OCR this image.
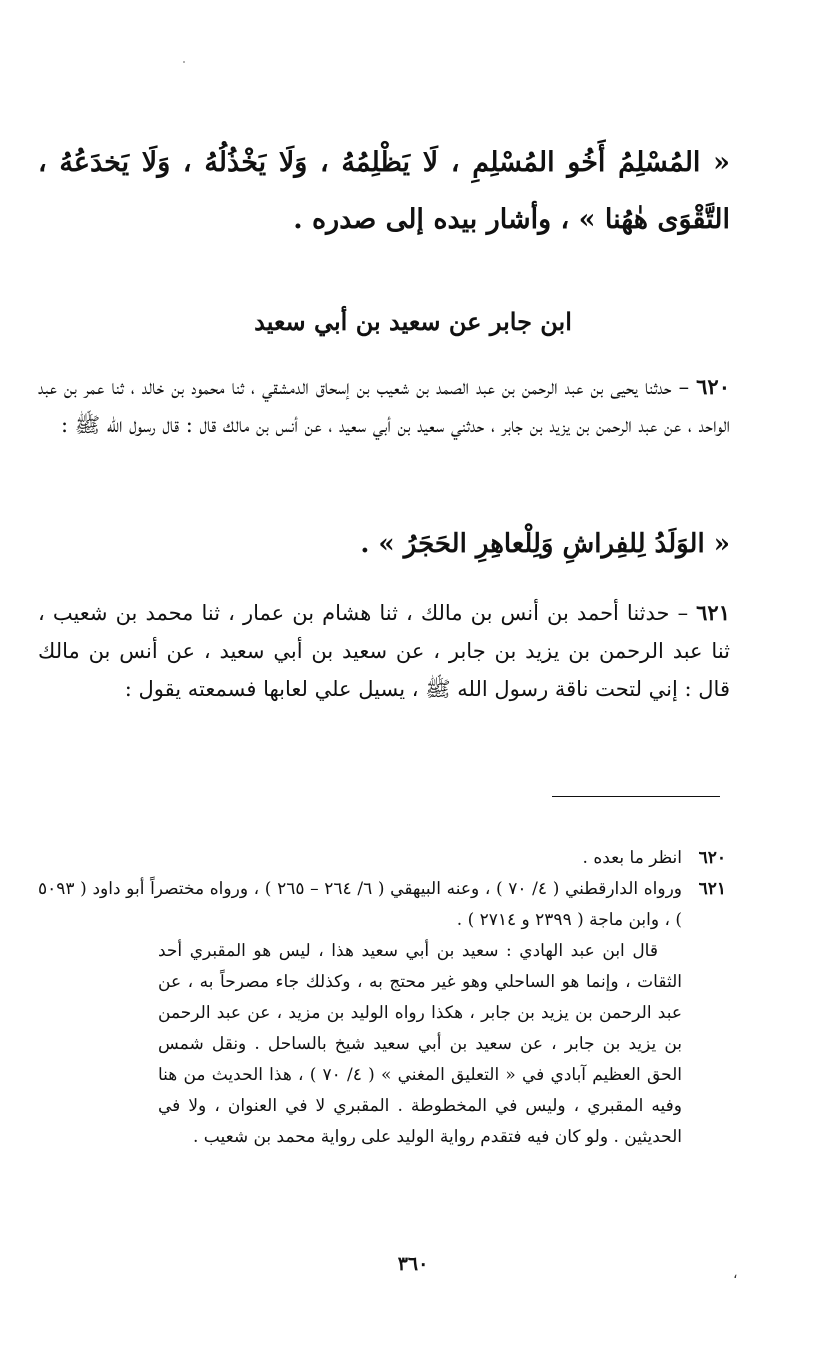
« المُسْلِمُ أَخُو المُسْلِمِ ، لَا يَظْلِمُهُ ، وَلَا يَخْذُلُهُ ، وَلَا يَخدَعُهُ ، التَّقْوَى هٰهُنا » ، وأشار بيده إلى صدره .
ابن جابر عن سعيد بن أبي سعيد
٦٢٠ – حدثنا يحيى بن عبد الرحمن بن عبد الصمد بن شعيب بن إسحاق الدمشقي ، ثنا محمود بن خالد ، ثنا عمر بن عبد الواحد ، عن عبد الرحمن بن يزيد بن جابر ، حدثني سعيد بن أبي سعيد ، عن أنس بن مالك قال : قال رسول الله ﷺ :
« الوَلَدُ لِلفِراشِ وَلِلْعاهِرِ الحَجَرُ » .
٦٢١ – حدثنا أحمد بن أنس بن مالك ، ثنا هشام بن عمار ، ثنا محمد بن شعيب ، ثنا عبد الرحمن بن يزيد بن جابر ، عن سعيد بن أبي سعيد ، عن أنس بن مالك قال : إني لتحت ناقة رسول الله ﷺ ، يسيل علي لعابها فسمعته يقول :
٦٢٠
انظر ما بعده .
٦٢١
ورواه الدارقطني ( ٤/ ٧٠ ) ، وعنه البيهقي ( ٦/ ٢٦٤ – ٢٦٥ ) ، ورواه مختصراً أبو داود ( ٥٠٩٣ ) ، وابن ماجة ( ٢٣٩٩ و ٢٧١٤ ) .
قال ابن عبد الهادي : سعيد بن أبي سعيد هذا ، ليس هو المقبري أحد الثقات ، وإنما هو الساحلي وهو غير محتج به ، وكذلك جاء مصرحاً به ، عن عبد الرحمن بن يزيد بن جابر ، هكذا رواه الوليد بن مزيد ، عن عبد الرحمن بن يزيد بن جابر ، عن سعيد بن أبي سعيد شيخ بالساحل . ونقل شمس الحق العظيم آبادي في « التعليق المغني » ( ٤/ ٧٠ ) ، هذا الحديث من هنا وفيه المقبري ، وليس في المخطوطة . المقبري لا في العنوان ، ولا في الحديثين . ولو كان فيه فتقدم رواية الوليد على رواية محمد بن شعيب .
٣٦٠	،
